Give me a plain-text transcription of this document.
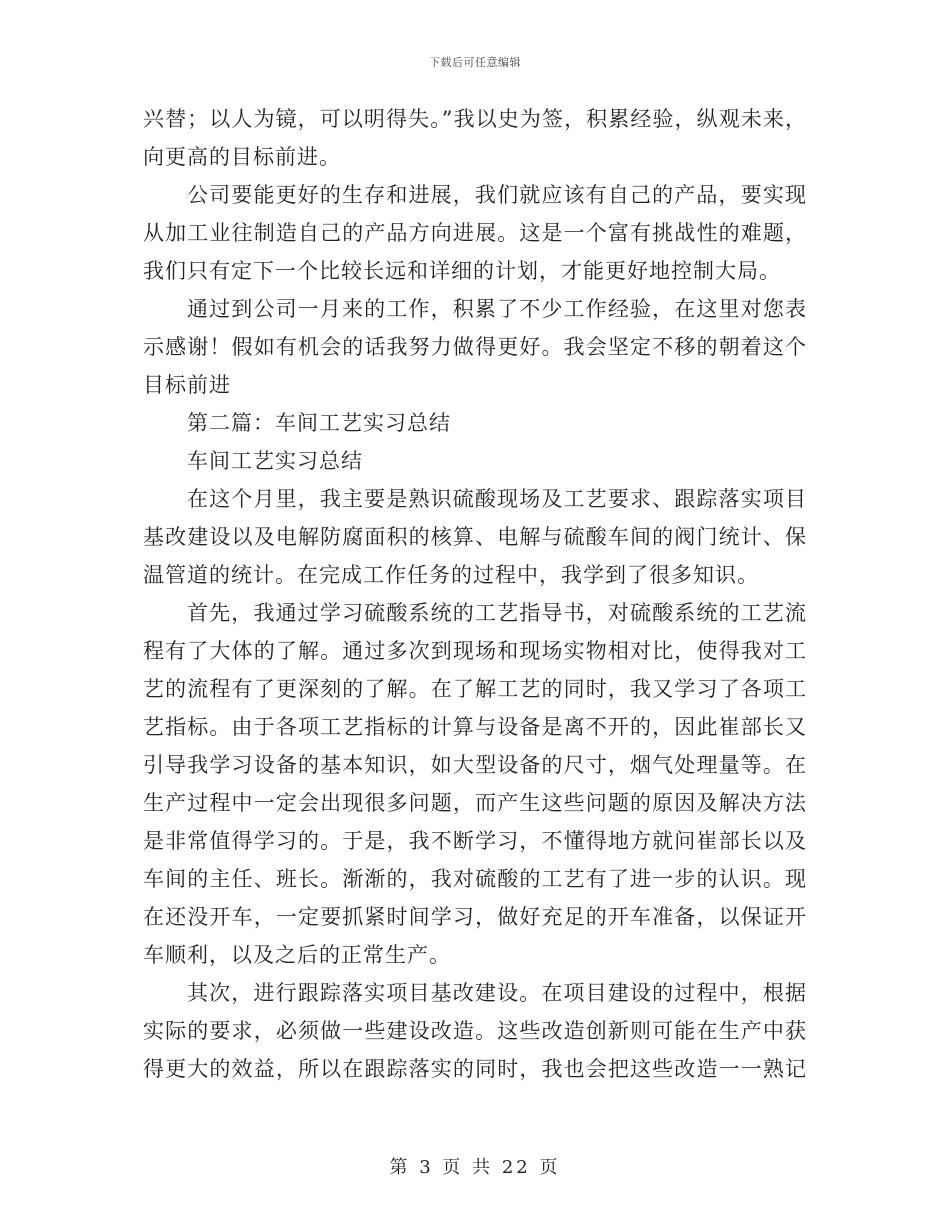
下载后可任意编辑
兴替；以人为镜，可以明得失。”我以史为签，积累经验，纵观未来，
向更高的目标前进。
公司要能更好的生存和进展，我们就应该有自己的产品，要实现
从加工业往制造自己的产品方向进展。这是一个富有挑战性的难题，
我们只有定下一个比较长远和详细的计划，才能更好地控制大局。
通过到公司一月来的工作，积累了不少工作经验，在这里对您表
示感谢！假如有机会的话我努力做得更好。我会坚定不移的朝着这个
目标前进
第二篇：车间工艺实习总结
车间工艺实习总结
在这个月里，我主要是熟识硫酸现场及工艺要求、跟踪落实项目
基改建设以及电解防腐面积的核算、电解与硫酸车间的阀门统计、保
温管道的统计。在完成工作任务的过程中，我学到了很多知识。
首先，我通过学习硫酸系统的工艺指导书，对硫酸系统的工艺流
程有了大体的了解。通过多次到现场和现场实物相对比，使得我对工
艺的流程有了更深刻的了解。在了解工艺的同时，我又学习了各项工
艺指标。由于各项工艺指标的计算与设备是离不开的，因此崔部长又
引导我学习设备的基本知识，如大型设备的尺寸，烟气处理量等。在
生产过程中一定会出现很多问题，而产生这些问题的原因及解决方法
是非常值得学习的。于是，我不断学习，不懂得地方就问崔部长以及
车间的主任、班长。渐渐的，我对硫酸的工艺有了进一步的认识。现
在还没开车，一定要抓紧时间学习，做好充足的开车准备，以保证开
车顺利，以及之后的正常生产。
其次，进行跟踪落实项目基改建设。在项目建设的过程中，根据
实际的要求，必须做一些建设改造。这些改造创新则可能在生产中获
得更大的效益，所以在跟踪落实的同时，我也会把这些改造一一熟记
第 3 页 共 22 页
